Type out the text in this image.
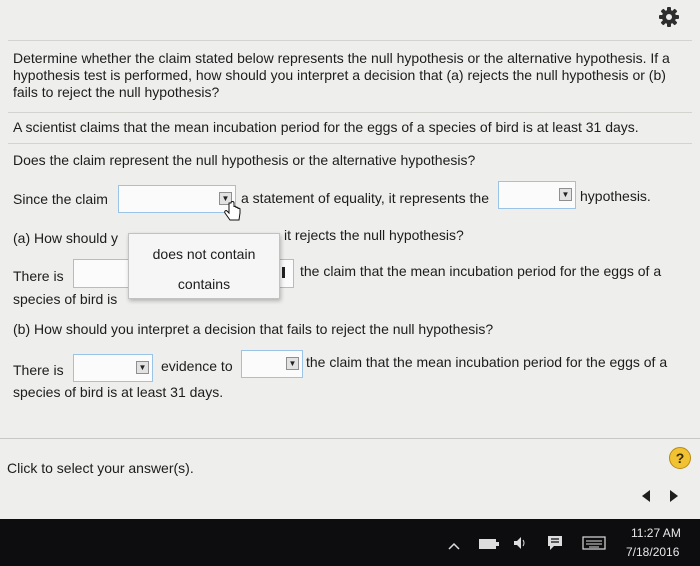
Determine whether the claim stated below represents the null hypothesis or the alternative hypothesis. If a hypothesis test is performed, how should you interpret a decision that (a) rejects the null hypothesis or (b) fails to reject the null hypothesis?
A scientist claims that the mean incubation period for the eggs of a species of bird is at least 31 days.
Does the claim represent the null hypothesis or the alternative hypothesis?
Since the claim	▼ a statement of equality, it represents the	▼ hypothesis.
(a) How should y	it rejects the null hypothesis?
There is	the claim that the mean incubation period for the eggs of a
species of bird is
does not contain
contains
(b) How should you interpret a decision that fails to reject the null hypothesis?
There is	▼ evidence to	▼ the claim that the mean incubation period for the eggs of a
species of bird is at least 31 days.
Click to select your answer(s).
?
11:27 AM
7/18/2016
